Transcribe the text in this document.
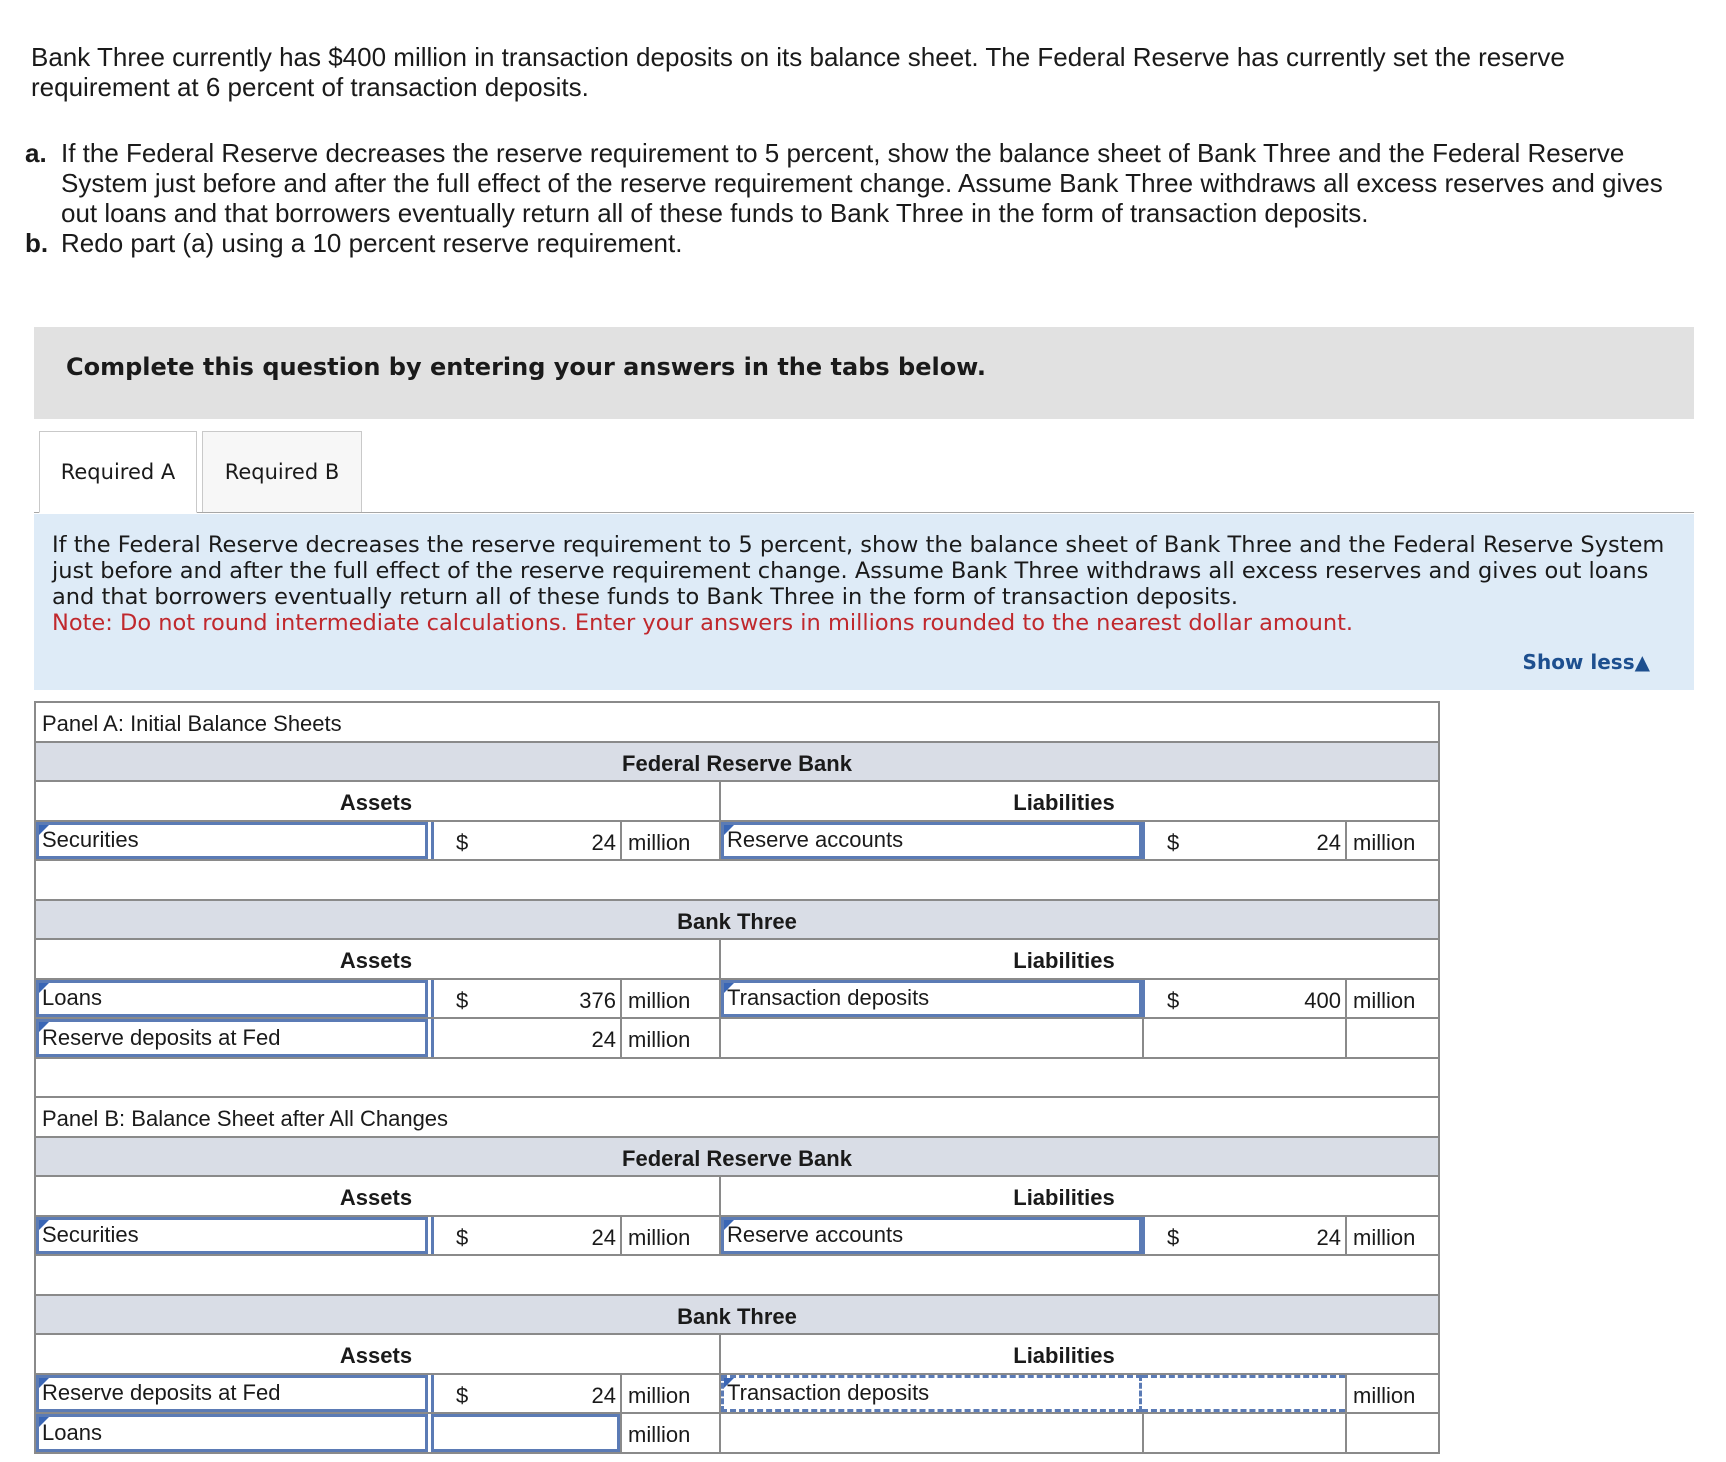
Bank Three currently has $400 million in transaction deposits on its balance sheet. The Federal Reserve has currently set the reserve requirement at 6 percent of transaction deposits.
a. If the Federal Reserve decreases the reserve requirement to 5 percent, show the balance sheet of Bank Three and the Federal Reserve System just before and after the full effect of the reserve requirement change. Assume Bank Three withdraws all excess reserves and gives out loans and that borrowers eventually return all of these funds to Bank Three in the form of transaction deposits.
b. Redo part (a) using a 10 percent reserve requirement.
Complete this question by entering your answers in the tabs below.
Required A	Required B
If the Federal Reserve decreases the reserve requirement to 5 percent, show the balance sheet of Bank Three and the Federal Reserve System just before and after the full effect of the reserve requirement change. Assume Bank Three withdraws all excess reserves and gives out loans and that borrowers eventually return all of these funds to Bank Three in the form of transaction deposits.
Note: Do not round intermediate calculations. Enter your answers in millions rounded to the nearest dollar amount.
Show less▲
Panel A: Initial Balance Sheets
Federal Reserve Bank
Assets	Liabilities
Securities	$	24 million Reserve accounts	$	24 million
Bank Three
Assets	Liabilities
Loans	$	376 million Transaction deposits	$	400 million
Reserve deposits at Fed	24 million
Panel B: Balance Sheet after All Changes
Federal Reserve Bank
Assets	Liabilities
Securities	$	24 million Reserve accounts	$	24 million
Bank Three
Assets	Liabilities
Reserve deposits at Fed	$	24 million Transaction deposits	million
Loans	million
